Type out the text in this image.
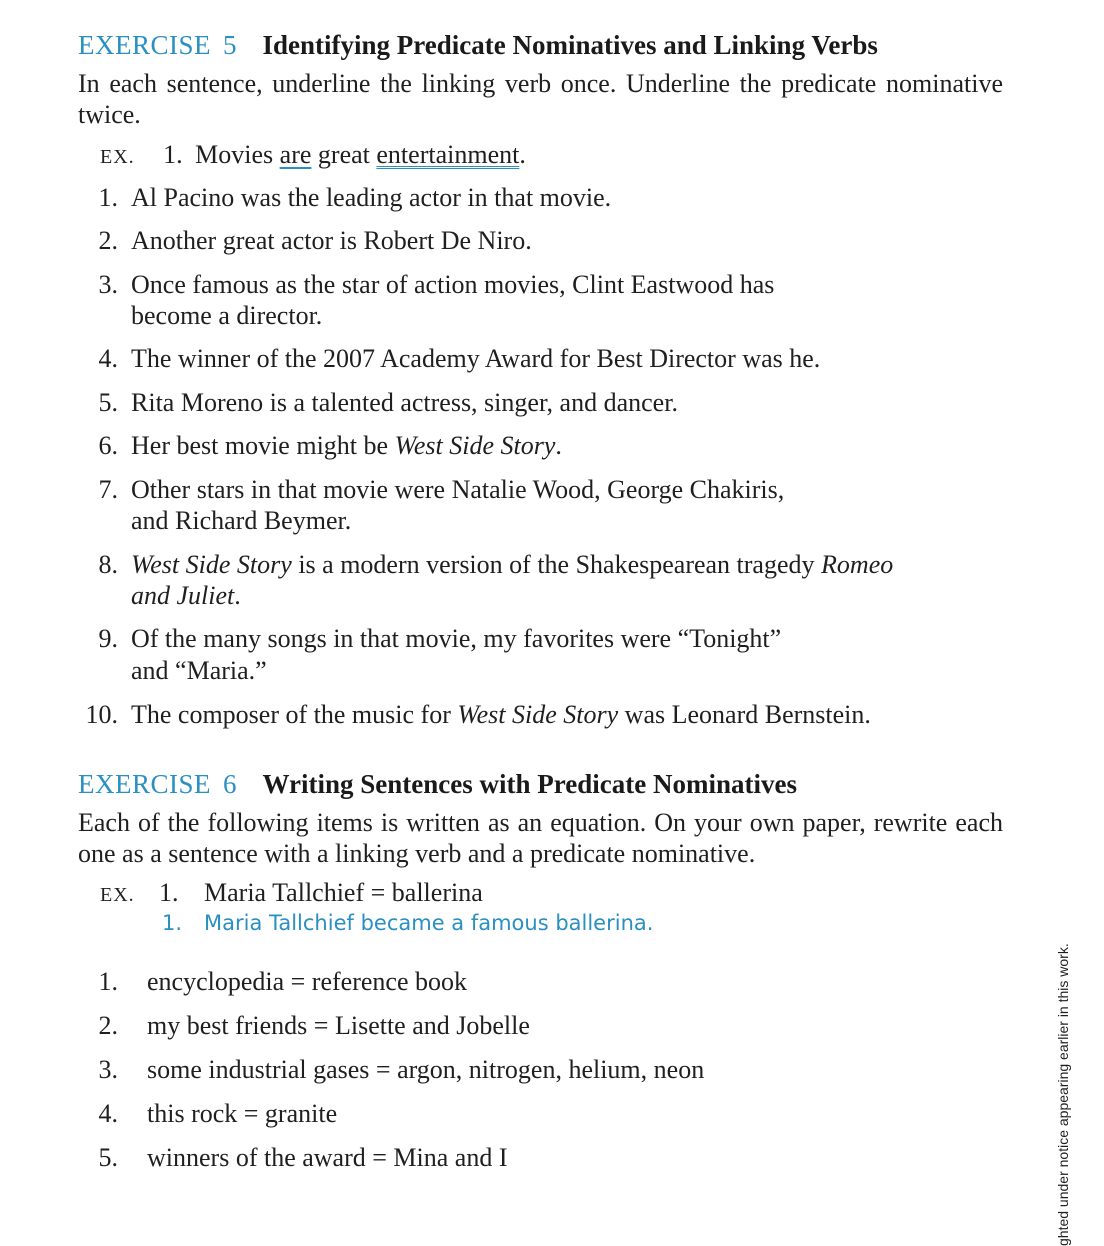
EXERCISE 5 Identifying Predicate Nominatives and Linking Verbs
In each sentence, underline the linking verb once. Underline the predicate nominative twice.
EX. 1. Movies are great entertainment.
1. Al Pacino was the leading actor in that movie.
2. Another great actor is Robert De Niro.
3. Once famous as the star of action movies, Clint Eastwood has
become a director.
4. The winner of the 2007 Academy Award for Best Director was he.
5. Rita Moreno is a talented actress, singer, and dancer.
6. Her best movie might be West Side Story.
7. Other stars in that movie were Natalie Wood, George Chakiris,
and Richard Beymer.
8. West Side Story is a modern version of the Shakespearean tragedy Romeo
and Juliet.
9. Of the many songs in that movie, my favorites were “Tonight”
and “Maria.”
10. The composer of the music for West Side Story was Leonard Bernstein.
EXERCISE 6 Writing Sentences with Predicate Nominatives
Each of the following items is written as an equation. On your own paper, rewrite each one as a sentence with a linking verb and a predicate nominative.
EX. 1. Maria Tallchief = ballerina
1. Maria Tallchief became a famous ballerina.
1. encyclopedia = reference book
2. my best friends = Lisette and Jobelle
3. some industrial gases = argon, nitrogen, helium, neon
4. this rock = granite
5. winners of the award = Mina and I	ghted under notice appearing earlier in this work.
